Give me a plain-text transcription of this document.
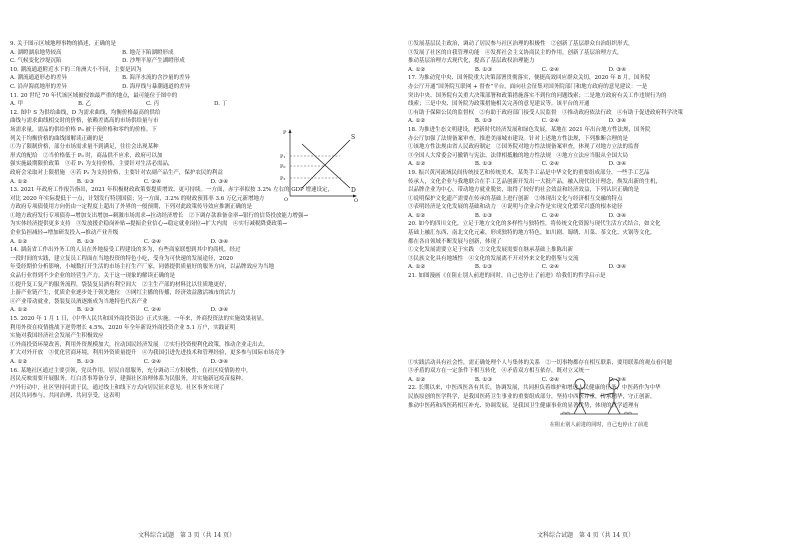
9. 关于图示区域地理事物的描述，正确的是

A. 湖瞪湖泉地势较高　　　　　　　　　　　B. 地壳下陷湖瞪形成

C. 气候变化沙堤沉陷　　　　　　　　　　　D. 沙埋平原产生湖瞪形成

10. 潮流通道附近水下的三角洲大小不同，主要是因为

A. 潮流通道形态的差异　　　　　　　　　　B. 海洋水流的含沙量的差异

C. 沿岸海底地形的差异　　　　　　　　　　D. 海岸线与暴潮通道的差异

11. 20 世纪 70 年代该区域被侵蚀最严重的地点，最可能位于图中的

A. 甲　　　　　　　　　　B. 乙　　　　　　　　　　C. 丙　　　　　　　　　　D. 丁

12. 图中 S 为供给曲线，D 为需求曲线，均衡价格最高的供给

曲线与需求曲线相交时的价格，依赖差离高的市场供给量与市

场需求量，需品的供给价格 P₀ 被干预价格和零约的价格。下

列关于均衡价格的曲线图解读正确的是

①为了限制价格，部分市场需求量不到满足，往往会出现某种

形式的配给　②当价格低于 P₀ 时，商品供不应求，政府可以加

强实施最期限价政策　③若 P₁ 为支持价格，主要针对生活必需品，

政府会采取对上限措施　④若 P₂ 为支持价格，主要针对农副产品生产，保护农民的利益

A. ①②　　　　　　　　　B. ①③　　　　　　　　　C. ②④　　　　　　　　　D. ③④

13. 2021 年政府工作报告指出，2021 年积极财政政策要提质增效、更可持续。一方面，赤字率拟按 3.2% 左右的 GDP 增速设定，

对比 2020 年实际提低于一点，计划发行特别国债；另一方面，3.2% 的财政预算率 3.6 万亿元新增地方

方政府专项债使用方向仍由一定程度上超出了外界的一般预期，下列对此政策传导效应推测正确的是

①地方政府发行专项债券→增加支出增加→刺激市场需求→拉动经济增长　②下调存款准备金率→银行的信贷投放能力增强→

为实体经济提供更多支持　③发放援企稳岗补贴→提振企业信心→稳定就业岗位→扩大内需　④实行减税降费政策→

企业负担减轻→增加研发投入→推动产业升级

A. ①②　　　　　　　　　B. ①③　　　　　　　　　C. ②④　　　　　　　　　D. ③④

14. 湖南省工作出外务工的人员在外地接受工程建设的多为，有些商家联想到其中的商机，经过

一段时间的实践，建立复员工程面在当地投资的特色小吃，受身为可快速的发展途径，2020

年受经期价分析影响，小城数打开生活的市场主打生产厂家，同德提供质量好的服务方向，以品牌效应为当地

众品行业得到不少企业的经营生产力。关于这一现象的解读正确的是

①提升复工复产的服务流程，袋装复员酒有利空间大　②主生产部的材料比以往质地更好，

上游产业链产生，优质企业逐步处于领先地位　③网红主播的传播，经济效益激活城市的活力

④产业带动就业，袋装复员酒逐渐成为当地特色代表产业

A. ①②　　　　　　　　　B. ①③　　　　　　　　　C. ②④　　　　　　　　　D. ③④

15. 2020 年 1 月 1 日，《中华人民共和国外商投资法》正式实施。一年来，外商投资法的实施效果初显，

利用外资在疫情挑战下逆势增长 4.5%，2020 年全年新设外商投资企业 5.1 万户，实践证明

实施对我国经济社会发展产生积极效应

①外商投资环境改善，利用外资规模加大，拉动国民经济发展　②实行投资便利化政策，推动企业走出去，

扩大对外开放　③优化营商环境，利用外资质量提升　④为我国引进先进技术和管理经验，更多参与国际市场竞争

A. ①②　　　　　　　　　B. ①③　　　　　　　　　C. ②④　　　　　　　　　D. ③④

16. 某地社区通过主要引领，党员作用，居民自愿服务，充分调动三方积极性，在社区疫情防控中，

居民反映需要开展服务，红白喜事筹备分享，建强社区治理体系为民服务，并实施新冠疫苗接种、

户外行动中，社区坚持问需于民，通过线上和线下方式向居民征求意见。社区事务实现了

居民共同参与、共同治理、共同享受，这表明

S
D
P₁
P₀
P₂
P
O	Q

①发展基层民主政治，调动了居民参与社区治理的积极性　②创新了基层群众自治组织形式，

③发展了社区的自我管理功能　④发挥社会主义协商民主的作用，创新了基层治理方式，

推动基层治理方式现代化，提高了基层政权治理能力

A. ①②　　　　　　　　　B. ①③　　　　　　　　　C. ②④　　　　　　　　　D. ③④

17. 为推动党中央、国务院重大决策部署贯彻落实，便捷高效回应群众关切，2020 年 8 月，国务院

办公厅开通“国务院互联网 + 督查”平台，面向社会征集对国务院部门和地方政府的意见建议：一是

突出中央、国务院有关重大决策部署和政策措施落实不到位的问题线索；二是地方政府有关工作违规行为的

线索；三是中央、国务院为政策措施相关完善的意见建议等。该平台的开通

①有助于保障公民的监督权　②有助于政府部门接受人民监督　③推动政府依法行政　④有助于促进政府科学决策

A. ①②　　　　　　　　　B. ①③　　　　　　　　　C. ②④　　　　　　　　　D. ③④

18. 为推进生态文明建设，把新时代经济发展和绿色发展，某地在 2021 年出台地方性法规，国务院

办公厅加强了法规备案审查，推进美丽城市建设。针对上述地方性法规，下列推断合理的是

①该地方性法规由省人民政府制定　②国务院对地方性法规备案审查，体现了对地方立法的监督

③全国人大常委会可撤销与宪法、法律相抵触的地方性法规　④地方立法应当服从全国大局

A. ①②　　　　　　　　　B. ①③　　　　　　　　　C. ②④　　　　　　　　　D. ③④

19. 振兴黄河流域民间传统技艺和传统美术，某类手工品是中华文化的重要组成部分，一些手工艺品

传承人，文化企业与我地联合在手工艺品创新开发出一大批产品，融入现代设计理念，焕发出新的生机，

以品牌企业为中心，带动地方就业脱贫，取得了较好的社会效益和经济效益，下列认识正确的是

①说明保护文化遗产需要在传承的基础上进行创新　②体现出文化与经济相互交融的特点

③表明经济是文化发展的基础和动力　④说明与企业合作是实现文化繁荣兴盛的根本途径

A. ①②　　　　　　　　　B. ①③　　　　　　　　　C. ②④　　　　　　　　　D. ③④

20. 如今的四川文化，立足于地方文化的多样性与独特性，将传统文化资源与现代生活方式结合，如文化

基础上融汇东西、南北文化元素，形成独特的地方特色，如川剧、蜀绣、川菜、茶文化、火锅等文化，

都在各自领域不断发展与创新，体现了

①文化发展需要立足于实践　②文化发展需要在继承基础上推陈出新

③民族文化具有地域性　④文化的发展离不开对外来文化的借鉴与交流

A. ①②　　　　　　　　　B. ①③　　　　　　　　　C. ②④　　　　　　　　　D. ③④

21. 如图漫画《在阻止别人前进的同时，自己也停止了前进》给我们的哲学启示是

①实践活动具有社会性，需正确处理个人与集体的关系　②一切事物都存在相互联系，要用联系的观点看问题

③矛盾的双方在一定条件下相互转化　④矛盾双方相互依存，既对立又统一

A. ①②　　　　　　　　　B. ①③　　　　　　　　　C. ②④　　　　　　　　　D. ③④

22. 长期以来，中医西医各有其长，协调发展，共同担负着维护和增进人民健康的任务，中医药作为中华

民族原创的医学科学，是我国医药卫生事业的重要组成部分，坚持中西医并重，传承精华，守正创新，

推动中医药和西医药相互补充、协调发展，是我国卫生健康事业的显著优势，体现的哲学道理有

在阻止别人前进的同时，自己也停止了前进
文科综合试题　第 3 页（共 14 页）	文科综合试题　第 4 页（共 14 页）
